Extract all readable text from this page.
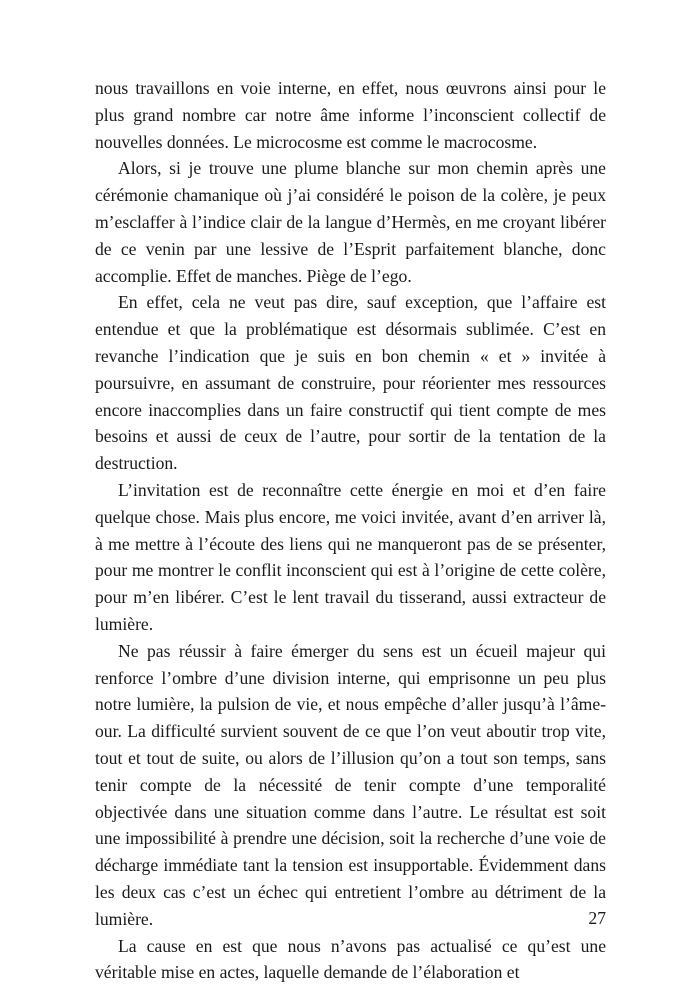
nous travaillons en voie interne, en effet, nous œuvrons ainsi pour le plus grand nombre car notre âme informe l’inconscient collectif de nouvelles données. Le microcosme est comme le macrocosme.

Alors, si je trouve une plume blanche sur mon chemin après une cérémonie chamanique où j’ai considéré le poison de la colère, je peux m’esclaffer à l’indice clair de la langue d’Hermès, en me croyant libérer de ce venin par une lessive de l’Esprit parfaitement blanche, donc accomplie. Effet de manches. Piège de l’ego.

En effet, cela ne veut pas dire, sauf exception, que l’affaire est entendue et que la problématique est désormais sublimée. C’est en revanche l’indication que je suis en bon chemin « et » invitée à poursuivre, en assumant de construire, pour réorienter mes ressources encore inaccomplies dans un faire constructif qui tient compte de mes besoins et aussi de ceux de l’autre, pour sortir de la tentation de la destruction.

L’invitation est de reconnaître cette énergie en moi et d’en faire quelque chose. Mais plus encore, me voici invitée, avant d’en arriver là, à me mettre à l’écoute des liens qui ne manqueront pas de se présenter, pour me montrer le conflit inconscient qui est à l’origine de cette colère, pour m’en libérer. C’est le lent travail du tisserand, aussi extracteur de lumière.

Ne pas réussir à faire émerger du sens est un écueil majeur qui renforce l’ombre d’une division interne, qui emprisonne un peu plus notre lumière, la pulsion de vie, et nous empêche d’aller jusqu’à l’âme-our. La difficulté survient souvent de ce que l’on veut aboutir trop vite, tout et tout de suite, ou alors de l’illusion qu’on a tout son temps, sans tenir compte de la nécessité de tenir compte d’une temporalité objectivée dans une situation comme dans l’autre. Le résultat est soit une impossibilité à prendre une décision, soit la recherche d’une voie de décharge immédiate tant la tension est insupportable. Évidemment dans les deux cas c’est un échec qui entretient l’ombre au détriment de la lumière.

La cause en est que nous n’avons pas actualisé ce qu’est une véritable mise en actes, laquelle demande de l’élaboration et

27
